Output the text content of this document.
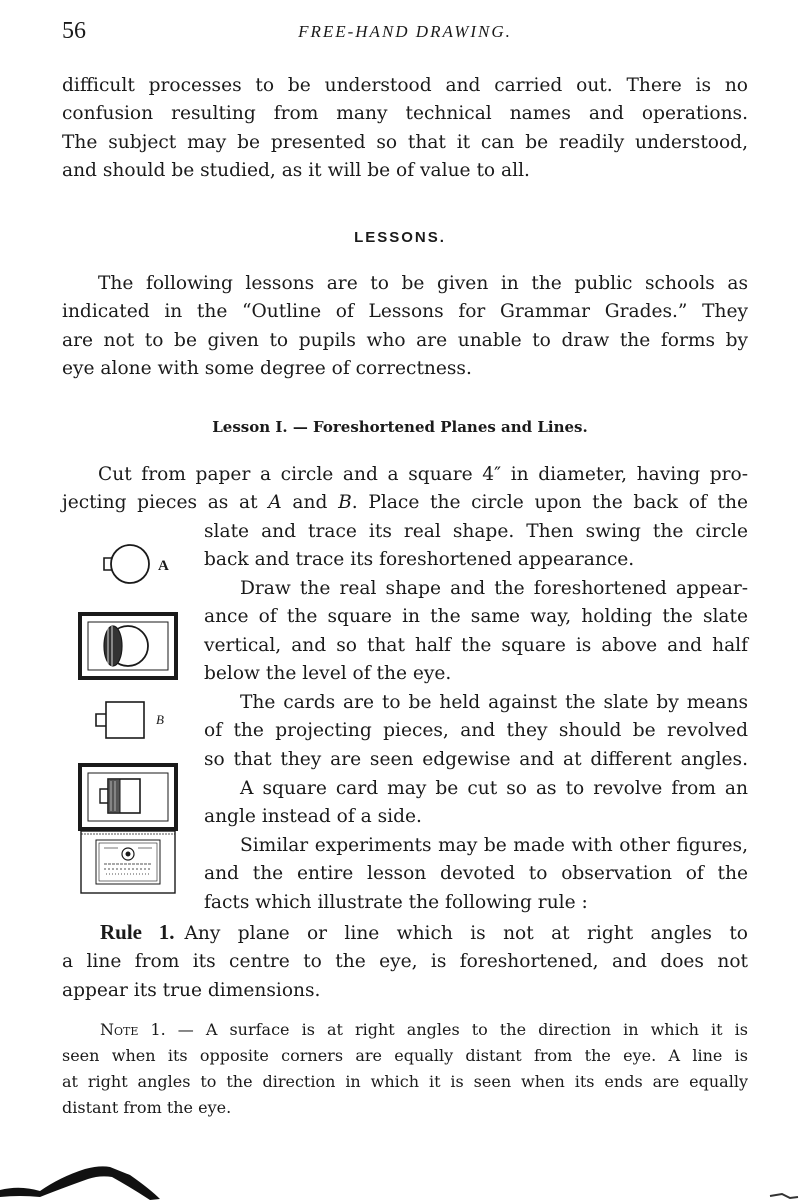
56	FREE-HAND DRAWING.

difficult processes to be understood and carried out. There is no
confusion resulting from many technical names and operations.
The subject may be presented so that it can be readily understood,
and should be studied, as it will be of value to all.

LESSONS.

The following lessons are to be given in the public schools as
indicated in the “Outline of Lessons for Grammar Grades.” They
are not to be given to pupils who are unable to draw the forms by
eye alone with some degree of correctness.

Lesson I. — Foreshortened Planes and Lines.

Cut from paper a circle and a square 4″ in diameter, having pro-
jecting pieces as at A and B. Place the circle upon the back of the

slate and trace its real shape. Then swing the circle
back and trace its foreshortened appearance.

Draw the real shape and the foreshortened appear-
ance of the square in the same way, holding the slate
vertical, and so that half the square is above and half
below the level of the eye.

The cards are to be held against the slate by means
of the projecting pieces, and they should be revolved
so that they are seen edgewise and at different angles.

A square card may be cut so as to revolve from an
angle instead of a side.

Similar experiments may be made with other figures,
and the entire lesson devoted to observation of the
facts which illustrate the following rule :

Rule 1. Any plane or line which is not at right angles to
a line from its centre to the eye, is foreshortened, and does not
appear its true dimensions.
Note 1. — A surface is at right angles to the direction in which it is
seen when its opposite corners are equally distant from the eye. A line is
at right angles to the direction in which it is seen when its ends are equally
distant from the eye.
A
B
